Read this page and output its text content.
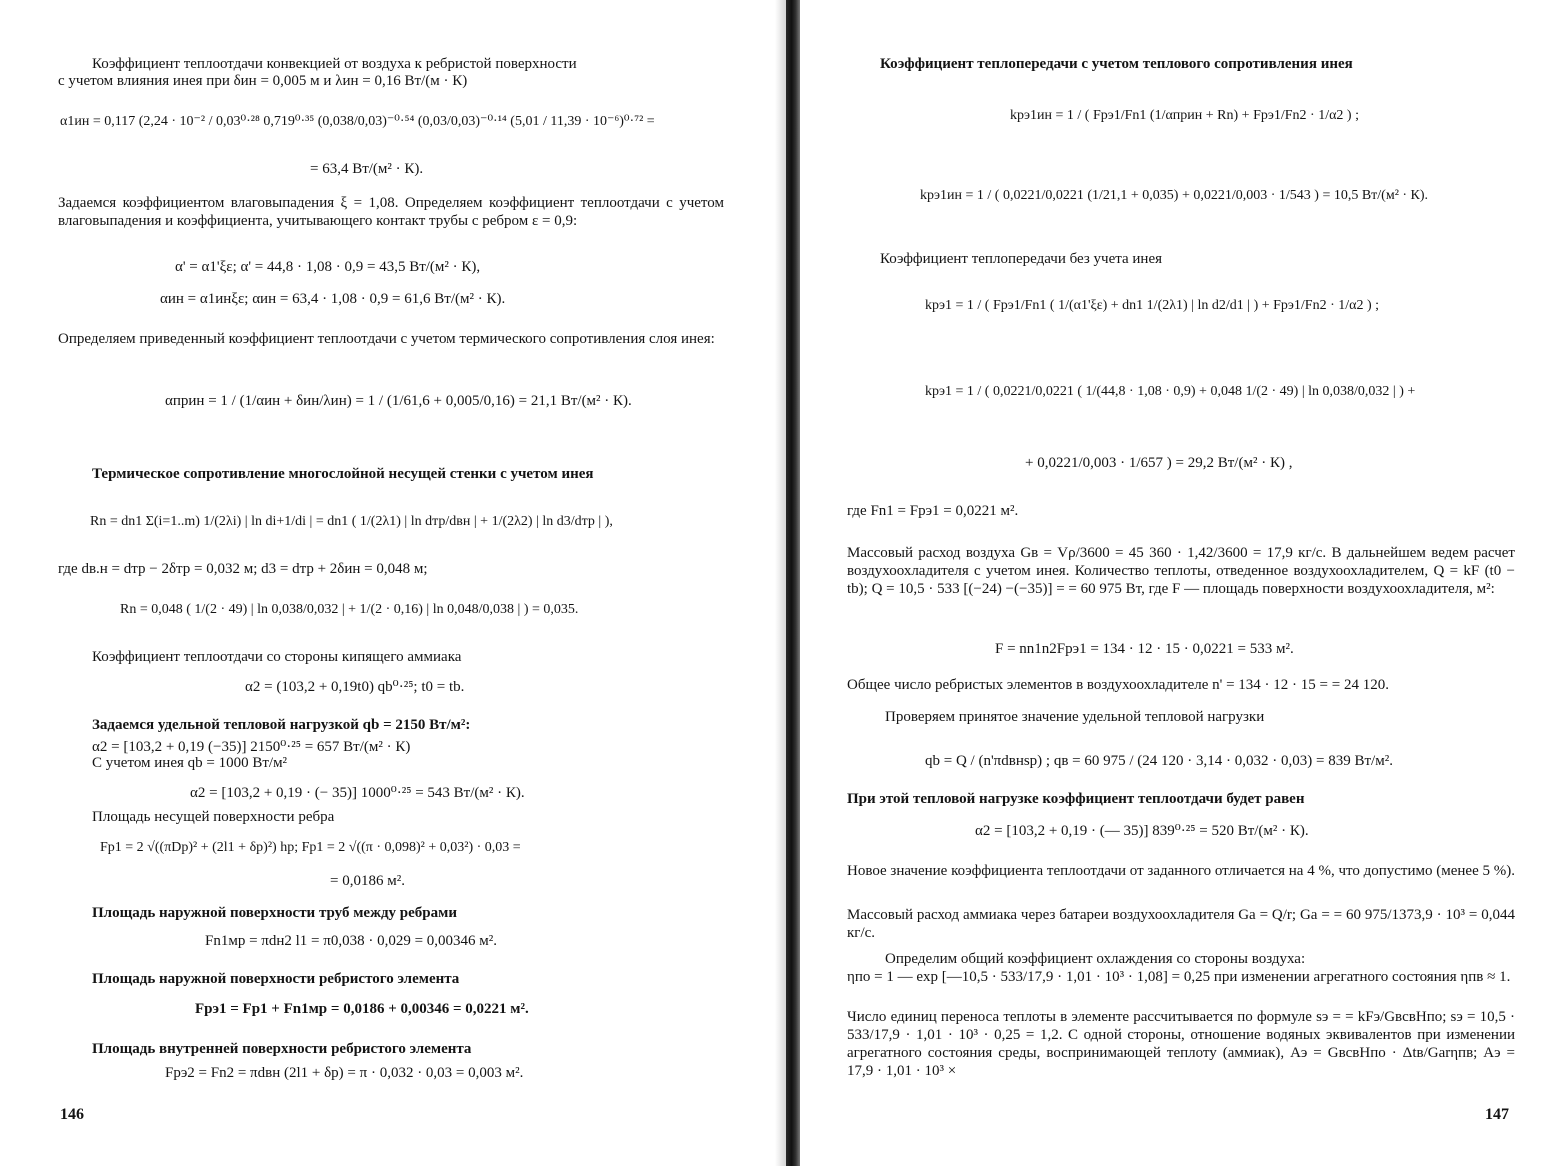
Коэффициент теплоотдачи конвекцией от воздуха к ребристой поверхности

с учетом влияния инея при δин = 0,005 м и λин = 0,16 Вт/(м · К)

α1ин = 0,117 (2,24 · 10⁻² / 0,03⁰·²⁸ 0,719⁰·³⁵ (0,038/0,03)⁻⁰·⁵⁴ (0,03/0,03)⁻⁰·¹⁴ (5,01 / 11,39 · 10⁻⁶)⁰·⁷² =

= 63,4 Вт/(м² · К).

Задаемся коэффициентом влаговыпадения ξ = 1,08. Определяем коэффициент теплоотдачи с учетом влаговыпадения и коэффициента, учитывающего контакт трубы с ребром ε = 0,9:

α' = α1'ξε; α' = 44,8 · 1,08 · 0,9 = 43,5 Вт/(м² · К),

αин = α1инξε; αин = 63,4 · 1,08 · 0,9 = 61,6 Вт/(м² · К).

Определяем приведенный коэффициент теплоотдачи с учетом термического сопротивления слоя инея:

αприн = 1 / (1/αин + δин/λин) = 1 / (1/61,6 + 0,005/0,16) = 21,1 Вт/(м² · К).

Термическое сопротивление многослойной несущей стенки с учетом инея

Rn = dn1 Σ(i=1..m) 1/(2λi) | ln di+1/di | = dn1 ( 1/(2λ1) | ln dтр/dвн | + 1/(2λ2) | ln d3/dтр | ),

где dв.н = dтр − 2δтр = 0,032 м; d3 = dтр + 2δин = 0,048 м;

Rn = 0,048 ( 1/(2 · 49) | ln 0,038/0,032 | + 1/(2 · 0,16) | ln 0,048/0,038 | ) = 0,035.

Коэффициент теплоотдачи со стороны кипящего аммиака

α2 = (103,2 + 0,19t0) qb⁰·²⁵; t0 = tb.

Задаемся удельной тепловой нагрузкой qb = 2150 Вт/м²:

α2 = [103,2 + 0,19 (−35)] 2150⁰·²⁵ = 657 Вт/(м² · К)

С учетом инея qb = 1000 Вт/м²

α2 = [103,2 + 0,19 · (− 35)] 1000⁰·²⁵ = 543 Вт/(м² · К).

Площадь несущей поверхности ребра

Fp1 = 2 √((πDp)² + (2l1 + δp)²) hp; Fp1 = 2 √((π · 0,098)² + 0,03²) · 0,03 =

= 0,0186 м².

Площадь наружной поверхности труб между ребрами

Fn1мр = πdн2 l1 = π0,038 · 0,029 = 0,00346 м².

Площадь наружной поверхности ребристого элемента

Fpэ1 = Fp1 + Fn1мр = 0,0186 + 0,00346 = 0,0221 м².

Площадь внутренней поверхности ребристого элемента

Fpэ2 = Fn2 = πdвн (2l1 + δp) = π · 0,032 · 0,03 = 0,003 м².

146

Коэффициент теплопередачи с учетом теплового сопротивления инея

kpэ1ин = 1 / ( Fpэ1/Fn1 (1/αприн + Rn) + Fpэ1/Fn2 · 1/α2 ) ;

kpэ1ин = 1 / ( 0,0221/0,0221 (1/21,1 + 0,035) + 0,0221/0,003 · 1/543 ) = 10,5 Вт/(м² · К).

Коэффициент теплопередачи без учета инея

kpэ1 = 1 / ( Fpэ1/Fn1 ( 1/(α1'ξε) + dn1 1/(2λ1) | ln d2/d1 | ) + Fpэ1/Fn2 · 1/α2 ) ;

kpэ1 = 1 / ( 0,0221/0,0221 ( 1/(44,8 · 1,08 · 0,9) + 0,048 1/(2 · 49) | ln 0,038/0,032 | ) +

+ 0,0221/0,003 · 1/657 ) = 29,2 Вт/(м² · К) ,

где Fn1 = Fpэ1 = 0,0221 м².

Массовый расход воздуха Gв = Vρ/3600 = 45 360 · 1,42/3600 = 17,9 кг/с. В дальнейшем ведем расчет воздухоохладителя с учетом инея. Количество теплоты, отведенное воздухоохладителем, Q = kF (t0 − tb); Q = 10,5 · 533 [(−24) −(−35)] = = 60 975 Вт, где F — площадь поверхности воздухоохладителя, м²:

F = nn1n2Fpэ1 = 134 · 12 · 15 · 0,0221 = 533 м².

Общее число ребристых элементов в воздухоохладителе n' = 134 · 12 · 15 = = 24 120.

Проверяем принятое значение удельной тепловой нагрузки

qb = Q / (n'πdвнsp) ; qв = 60 975 / (24 120 · 3,14 · 0,032 · 0,03) = 839 Вт/м².

При этой тепловой нагрузке коэффициент теплоотдачи будет равен

α2 = [103,2 + 0,19 · (— 35)] 839⁰·²⁵ = 520 Вт/(м² · К).

Новое значение коэффициента теплоотдачи от заданного отличается на 4 %, что допустимо (менее 5 %).

Массовый расход аммиака через батареи воздухоохладителя Ga = Q/r; Ga = = 60 975/1373,9 · 10³ = 0,044 кг/с.

Определим общий коэффициент охлаждения со стороны воздуха:

ηпо = 1 — exp [—10,5 · 533/17,9 · 1,01 · 10³ · 1,08] = 0,25 при изменении агрегатного состояния ηпв ≈ 1.

Число единиц переноса теплоты в элементе рассчитывается по формуле sэ = = kFэ/GвcвΗпо; sэ = 10,5 · 533/17,9 · 1,01 · 10³ · 0,25 = 1,2. С одной стороны, отношение водяных эквивалентов при изменении агрегатного состояния среды, воспринимающей теплоту (аммиак), Аэ = GвcвΗпо · Δtв/Garηпв; Аэ = 17,9 · 1,01 · 10³ ×

147
